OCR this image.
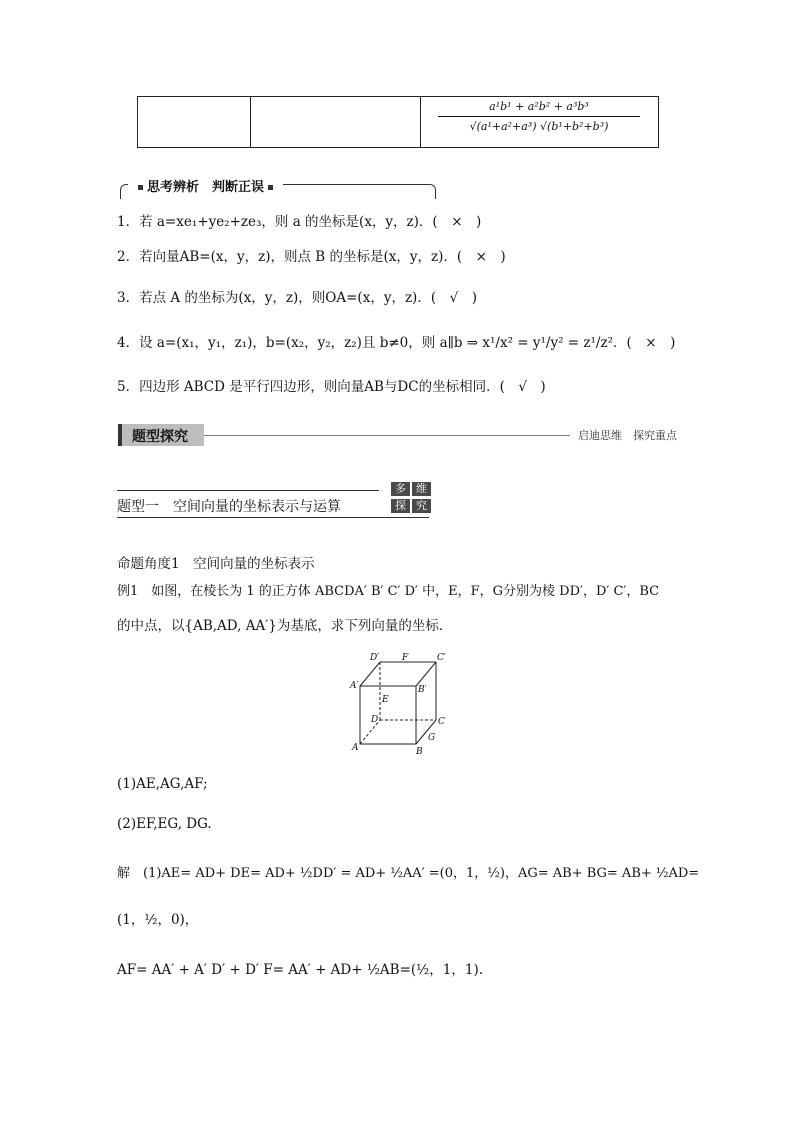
a¹b¹ + a²b² + a³b³
√(a¹+a²+a³) √(b¹+b²+b³)
思考辨析　判断正误
1．若 a=xe₁+ye₂+ze₃，则 a 的坐标是(x，y，z)．(　×　)
2．若向量AB=(x，y，z)，则点 B 的坐标是(x，y，z)．(　×　)
3．若点 A 的坐标为(x，y，z)，则OA=(x，y，z)．(　√　)
4．设 a=(x₁，y₁，z₁)，b=(x₂，y₂，z₂)且 b≠0，则 a∥b ⇒ x¹/x² = y¹/y² = z¹/z²．(　×　)
5．四边形 ABCD 是平行四边形，则向量AB与DC的坐标相同．(　√　)
题型探究	启迪思维　探究重点
题型一　空间向量的坐标表示与运算
多 维
探 究
命题角度1　空间向量的坐标表示
例1　如图，在棱长为 1 的正方体 ABCDA′ B′ C′ D′ 中，E，F，G分别为棱 DD′，D′ C′，BC
的中点，以{AB,AD, AA′}为基底，求下列向量的坐标．
D′	F	C′
A′	B′
E
D	C
G
A	B
(1)AE,AG,AF;
(2)EF,EG, DG.
解　(1)AE= AD+ DE= AD+ ½DD′ = AD+ ½AA′ =(0，1，½)，AG= AB+ BG= AB+ ½AD=
(1，½，0)，
AF= AA′ + A′ D′ + D′ F= AA′ + AD+ ½AB=(½，1，1).
